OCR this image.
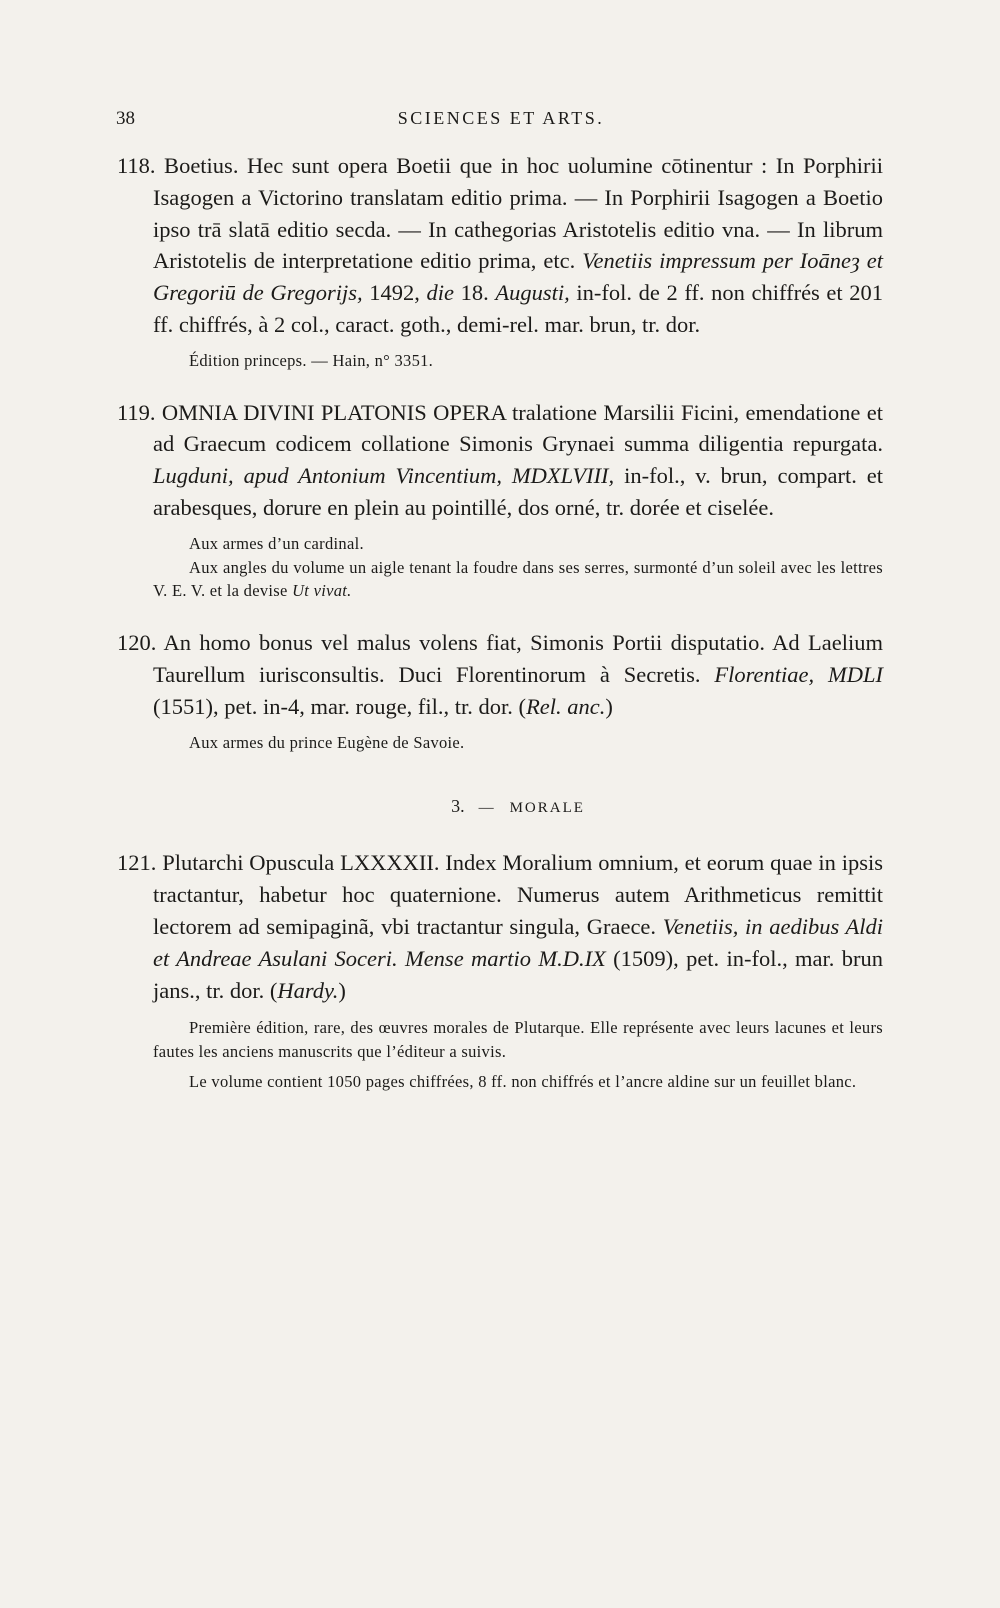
38	SCIENCES ET ARTS.
118. Boetius. Hec sunt opera Boetii que in hoc uolumine cōtinentur : In Porphirii Isagogen a Victorino translatam editio prima. — In Porphirii Isagogen a Boetio ipso trā slatā editio secda. — In cathegorias Aristotelis editio vna. — In librum Aristotelis de interpretatione editio prima, etc. Venetiis impressum per Ioāneȝ et Gregoriū de Gregorijs, 1492, die 18. Augusti, in-fol. de 2 ff. non chiffrés et 201 ff. chiffrés, à 2 col., caract. goth., demi-rel. mar. brun, tr. dor.
Édition princeps. — Hain, n° 3351.
119. OMNIA DIVINI PLATONIS OPERA tralatione Marsilii Ficini, emendatione et ad Graecum codicem collatione Simonis Grynaei summa diligentia repurgata. Lugduni, apud Antonium Vincentium, MDXLVIII, in-fol., v. brun, compart. et arabesques, dorure en plein au pointillé, dos orné, tr. dorée et ciselée.
Aux armes d’un cardinal.
Aux angles du volume un aigle tenant la foudre dans ses serres, surmonté d’un soleil avec les lettres V. E. V. et la devise Ut vivat.
120. An homo bonus vel malus volens fiat, Simonis Portii disputatio. Ad Laelium Taurellum iurisconsultis. Duci Florentinorum à Secretis. Florentiae, MDLI (1551), pet. in-4, mar. rouge, fil., tr. dor. (Rel. anc.)
Aux armes du prince Eugène de Savoie.
3. — MORALE
121. Plutarchi Opuscula LXXXXII. Index Moralium omnium, et eorum quae in ipsis tractantur, habetur hoc quaternione. Numerus autem Arithmeticus remittit lectorem ad semipaginã, vbi tractantur singula, Graece. Venetiis, in aedibus Aldi et Andreae Asulani Soceri. Mense martio M.D.IX (1509), pet. in-fol., mar. brun jans., tr. dor. (Hardy.)
Première édition, rare, des œuvres morales de Plutarque. Elle représente avec leurs lacunes et leurs fautes les anciens manuscrits que l’éditeur a suivis.
Le volume contient 1050 pages chiffrées, 8 ff. non chiffrés et l’ancre aldine sur un feuillet blanc.
